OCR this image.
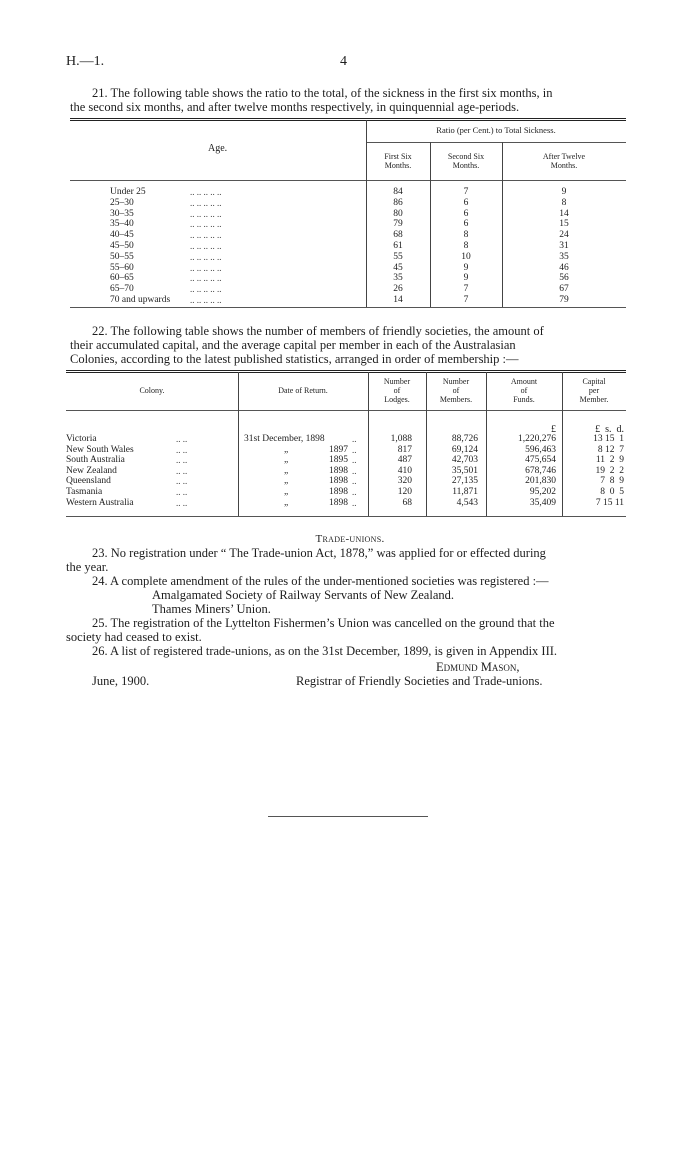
H.—1.	4
21. The following table shows the ratio to the total, of the sickness in the first six months, in
the second six months, and after twelve months respectively, in quinquennial age-periods.
Age.
Ratio (per Cent.) to Total Sickness.
First Six
Months.
Second Six
Months.
After Twelve
Months.
Under 25	.. .. .. .. ..	84	7	9
25–30	.. .. .. .. ..	86	6	8
30–35	.. .. .. .. ..	80	6	14
35–40	.. .. .. .. ..	79	6	15
40–45	.. .. .. .. ..	68	8	24
45–50	.. .. .. .. ..	61	8	31
50–55	.. .. .. .. ..	55	10	35
55–60	.. .. .. .. ..	45	9	46
60–65	.. .. .. .. ..	35	9	56
65–70	.. .. .. .. ..	26	7	67
70 and upwards .. .. .. .. ..	14	7	79
22. The following table shows the number of members of friendly societies, the amount of
their accumulated capital, and the average capital per member in each of the Australasian
Colonies, according to the latest published statistics, arranged in order of membership :—
Colony.	Date of Return.
Number
of
Lodges.
Number
of
Members.
Amount
of
Funds.
Capital
per
Member.
£	£  s.  d.
Victoria	.. ..	31st December, 1898	..	1,088	88,726	1,220,276	13 15  1
New South Wales	.. ..	„	1897 ..	817	69,124	596,463	8 12  7
South Australia	.. ..	„	1895 ..	487	42,703	475,654	11  2  9
New Zealand	.. ..	„	1898 ..	410	35,501	678,746	19  2  2
Queensland	.. ..	„	1898 ..	320	27,135	201,830	7  8  9
Tasmania	.. ..	„	1898 ..	120	11,871	95,202	8  0  5
Western Australia	.. ..	„	1898 ..	68	4,543	35,409	7 15 11
Trade-unions.
23. No registration under “ The Trade-union Act, 1878,” was applied for or effected during
the year.
24. A complete amendment of the rules of the under-mentioned societies was registered :—
Amalgamated Society of Railway Servants of New Zealand.
Thames Miners’ Union.
25. The registration of the Lyttelton Fishermen’s Union was cancelled on the ground that the
society had ceased to exist.
26. A list of registered trade-unions, as on the 31st December, 1899, is given in Appendix III.
Edmund Mason,
Registrar of Friendly Societies and Trade-unions.
June, 1900.
